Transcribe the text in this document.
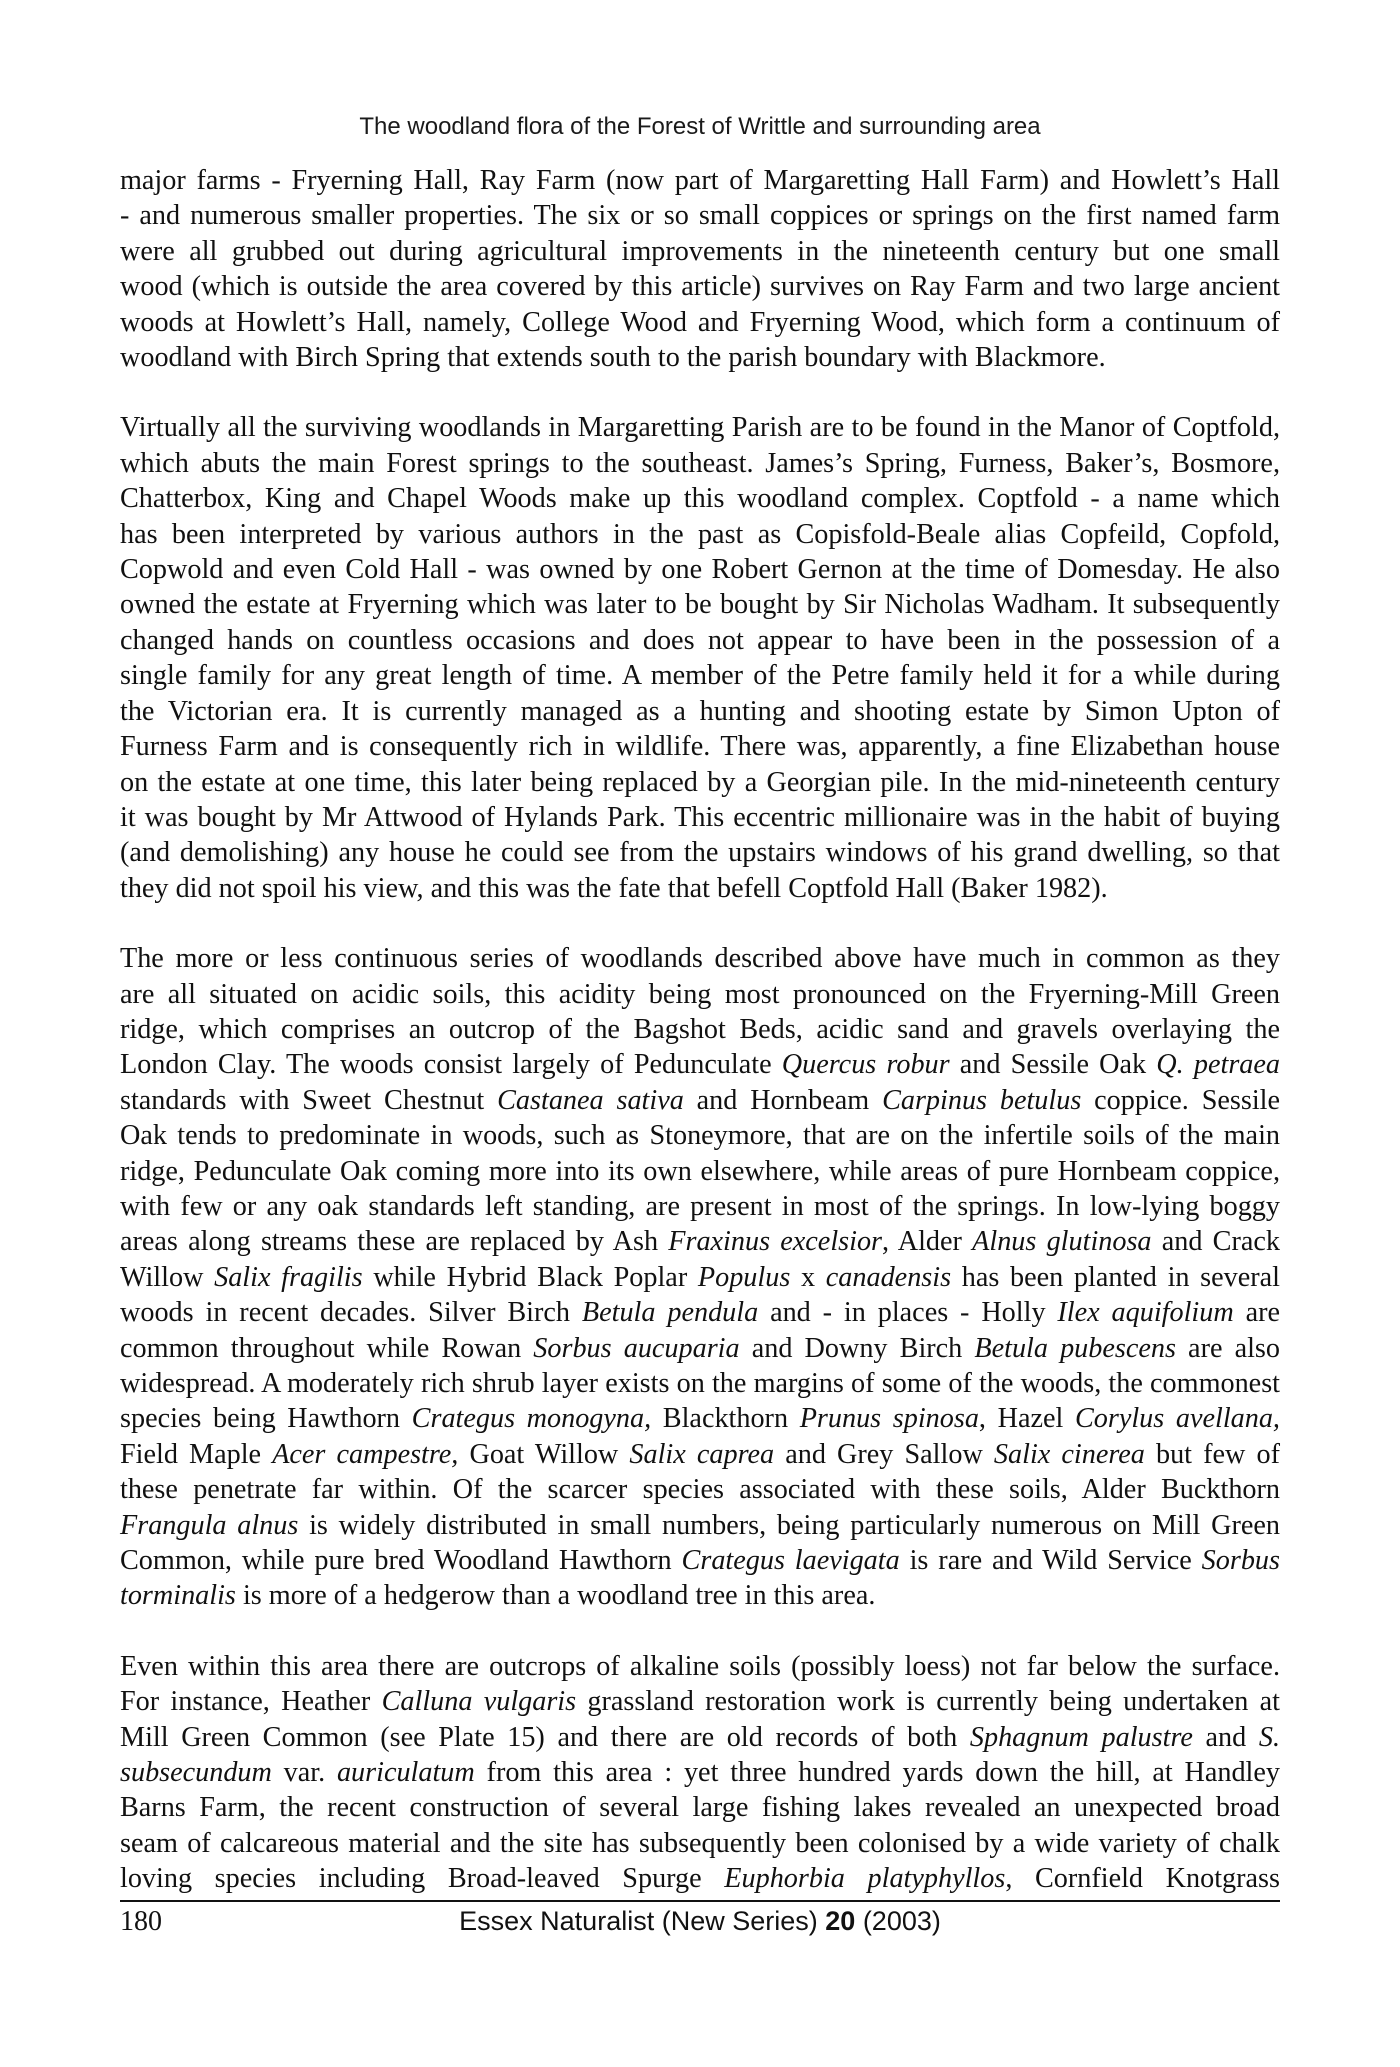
The woodland flora of the Forest of Writtle and surrounding area

major farms - Fryerning Hall, Ray Farm (now part of Margaretting Hall Farm) and Howlett’s Hall
- and numerous smaller properties. The six or so small coppices or springs on the first named farm
were all grubbed out during agricultural improvements in the nineteenth century but one small
wood (which is outside the area covered by this article) survives on Ray Farm and two large ancient
woods at Howlett’s Hall, namely, College Wood and Fryerning Wood, which form a continuum of
woodland with Birch Spring that extends south to the parish boundary with Blackmore.

Virtually all the surviving woodlands in Margaretting Parish are to be found in the Manor of Coptfold,
which abuts the main Forest springs to the southeast. James’s Spring, Furness, Baker’s, Bosmore,
Chatterbox, King and Chapel Woods make up this woodland complex. Coptfold - a name which
has been interpreted by various authors in the past as Copisfold-Beale alias Copfeild, Copfold,
Copwold and even Cold Hall - was owned by one Robert Gernon at the time of Domesday. He also
owned the estate at Fryerning which was later to be bought by Sir Nicholas Wadham. It subsequently
changed hands on countless occasions and does not appear to have been in the possession of a
single family for any great length of time. A member of the Petre family held it for a while during
the Victorian era. It is currently managed as a hunting and shooting estate by Simon Upton of
Furness Farm and is consequently rich in wildlife. There was, apparently, a fine Elizabethan house
on the estate at one time, this later being replaced by a Georgian pile. In the mid-nineteenth century
it was bought by Mr Attwood of Hylands Park. This eccentric millionaire was in the habit of buying
(and demolishing) any house he could see from the upstairs windows of his grand dwelling, so that
they did not spoil his view, and this was the fate that befell Coptfold Hall (Baker 1982).

The more or less continuous series of woodlands described above have much in common as they
are all situated on acidic soils, this acidity being most pronounced on the Fryerning-Mill Green
ridge, which comprises an outcrop of the Bagshot Beds, acidic sand and gravels overlaying the
London Clay. The woods consist largely of Pedunculate Quercus robur and Sessile Oak Q. petraea
standards with Sweet Chestnut Castanea sativa and Hornbeam Carpinus betulus coppice. Sessile
Oak tends to predominate in woods, such as Stoneymore, that are on the infertile soils of the main
ridge, Pedunculate Oak coming more into its own elsewhere, while areas of pure Hornbeam coppice,
with few or any oak standards left standing, are present in most of the springs. In low-lying boggy
areas along streams these are replaced by Ash Fraxinus excelsior, Alder Alnus glutinosa and Crack
Willow Salix fragilis while Hybrid Black Poplar Populus x canadensis has been planted in several
woods in recent decades. Silver Birch Betula pendula and - in places - Holly Ilex aquifolium are
common throughout while Rowan Sorbus aucuparia and Downy Birch Betula pubescens are also
widespread. A moderately rich shrub layer exists on the margins of some of the woods, the commonest
species being Hawthorn Crategus monogyna, Blackthorn Prunus spinosa, Hazel Corylus avellana,
Field Maple Acer campestre, Goat Willow Salix caprea and Grey Sallow Salix cinerea but few of
these penetrate far within. Of the scarcer species associated with these soils, Alder Buckthorn
Frangula alnus is widely distributed in small numbers, being particularly numerous on Mill Green
Common, while pure bred Woodland Hawthorn Crategus laevigata is rare and Wild Service Sorbus
torminalis is more of a hedgerow than a woodland tree in this area.

Even within this area there are outcrops of alkaline soils (possibly loess) not far below the surface.
For instance, Heather Calluna vulgaris grassland restoration work is currently being undertaken at
Mill Green Common (see Plate 15) and there are old records of both Sphagnum palustre and S.
subsecundum var. auriculatum from this area : yet three hundred yards down the hill, at Handley
Barns Farm, the recent construction of several large fishing lakes revealed an unexpected broad
seam of calcareous material and the site has subsequently been colonised by a wide variety of chalk
loving species including Broad-leaved Spurge Euphorbia platyphyllos, Cornfield Knotgrass

180	Essex Naturalist (New Series) 20 (2003)
